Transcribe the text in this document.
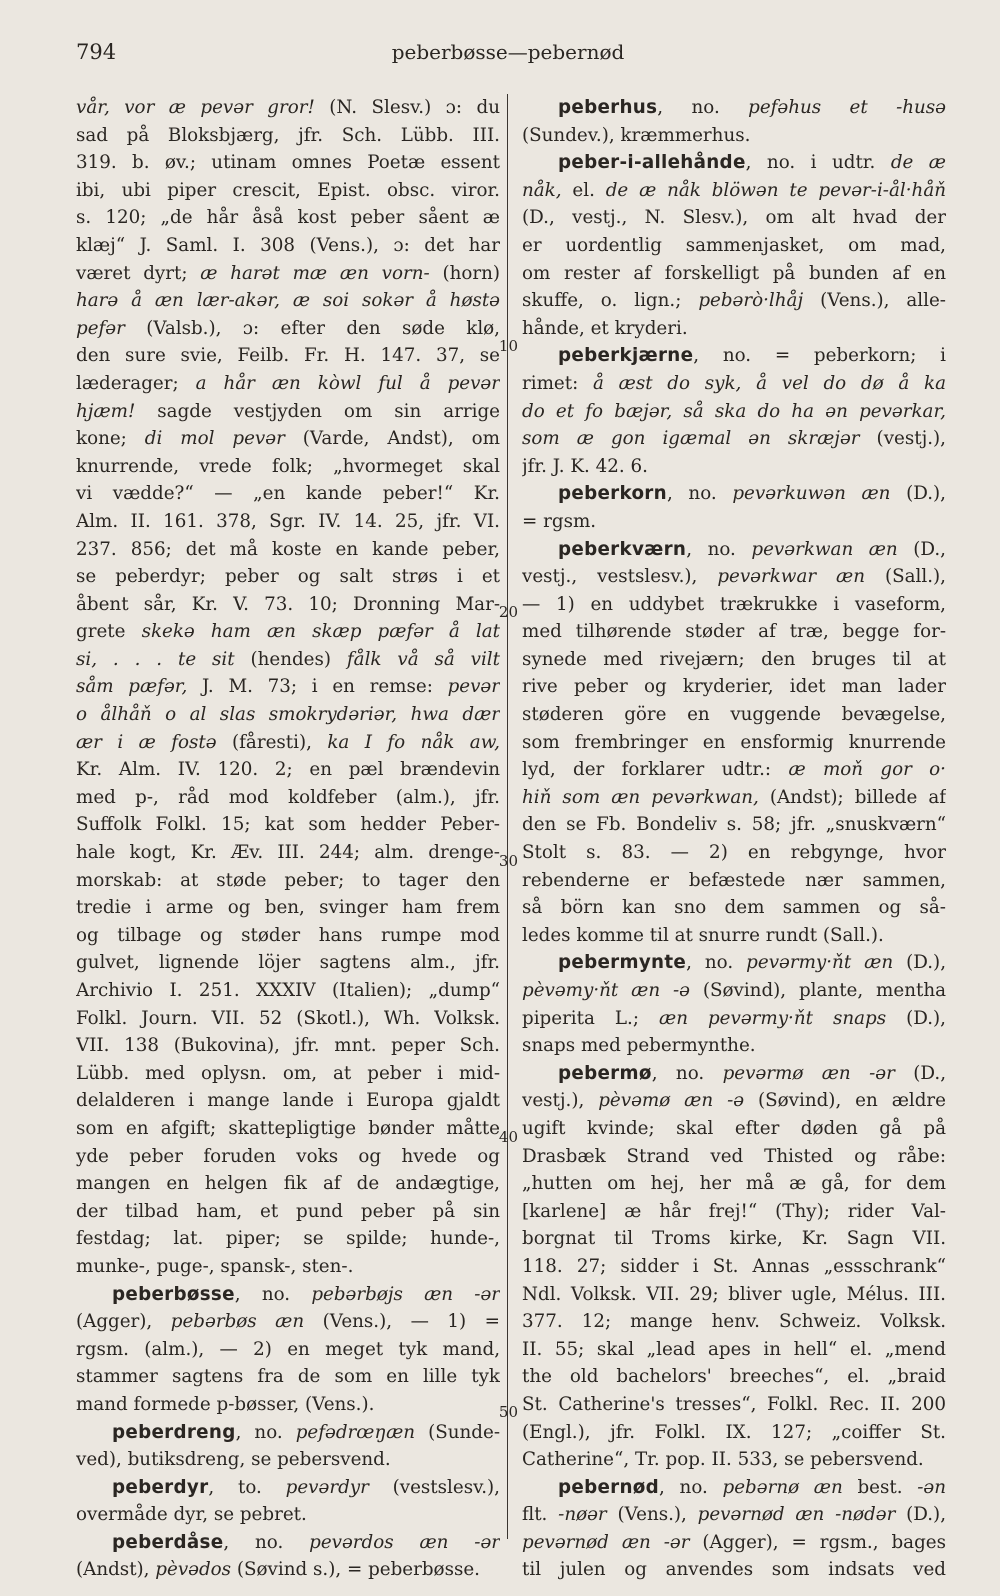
794	peberbøsse—pebernød
vår, vor æ pevər gror! (N. Slesv.) ɔ: du
sad på Bloksbjærg, jfr. Sch. Lübb. III.
319. b. øv.; utinam omnes Poetæ essent
ibi, ubi piper crescit, Epist. obsc. viror.
s. 120; „de hår åså kost peber såent æ
klæj“ J. Saml. I. 308 (Vens.), ɔ: det har
været dyrt; æ harət mæ æn vorn- (horn)
harə å æn lær-akər, æ soi sokər å høstə
pefər (Valsb.), ɔ: efter den søde klø,
den sure svie, Feilb. Fr. H. 147. 37, se
læderager; a hår æn kòwl ful å pevər
hjæm! sagde vestjyden om sin arrige
kone; di mol pevər (Varde, Andst), om
knurrende, vrede folk; „hvormeget skal
vi vædde?“ — „en kande peber!“ Kr.
Alm. II. 161. 378, Sgr. IV. 14. 25, jfr. VI.
237. 856; det må koste en kande peber,
se peberdyr; peber og salt strøs i et
åbent sår, Kr. V. 73. 10; Dronning Mar-
grete skekə ham æn skæp pæfər å lat
si, . . . te sit (hendes) fålk vå så vilt
såm pæfər, J. M. 73; i en remse: pevər
o ålhåň o al slas smokrydəriər, hwa dær
ær i æ fostə (fåresti), ka I fo nåk aw,
Kr. Alm. IV. 120. 2; en pæl brændevin
med p-, råd mod koldfeber (alm.), jfr.
Suffolk Folkl. 15; kat som hedder Peber-
hale kogt, Kr. Æv. III. 244; alm. drenge-
morskab: at støde peber; to tager den
tredie i arme og ben, svinger ham frem
og tilbage og støder hans rumpe mod
gulvet, lignende löjer sagtens alm., jfr.
Archivio I. 251. XXXIV (Italien); „dump“
Folkl. Journ. VII. 52 (Skotl.), Wh. Volksk.
VII. 138 (Bukovina), jfr. mnt. peper Sch.
Lübb. med oplysn. om, at peber i mid-
delalderen i mange lande i Europa gjaldt
som en afgift; skattepligtige bønder måtte
yde peber foruden voks og hvede og
mangen en helgen fik af de andægtige,
der tilbad ham, et pund peber på sin
festdag; lat. piper; se spilde; hunde-,
munke-, puge-, spansk-, sten-.
peberbøsse, no. pebərbøjs æn -ər
(Agger), pebərbøs æn (Vens.), — 1) =
rgsm. (alm.), — 2) en meget tyk mand,
stammer sagtens fra de som en lille tyk
mand formede p-bøsser, (Vens.).
peberdreng, no. pefədrœŋæn (Sunde-
ved), butiksdreng, se pebersvend.
peberdyr, to. pevərdyr (vestslesv.),
overmåde dyr, se pebret.
peberdåse, no. pevərdos æn -ər
(Andst), pèvədos (Søvind s.), = peberbøsse.
10
20
30
40
50
peberhus, no. pefəhus et -husə
(Sundev.), kræmmerhus.
peber-i-allehånde, no. i udtr. de æ
nåk, el. de æ nåk blöwən te pevər-i-ål·håň
(D., vestj., N. Slesv.), om alt hvad der
er uordentlig sammenjasket, om mad,
om rester af forskelligt på bunden af en
skuffe, o. lign.; pebərò·lhåj (Vens.), alle-
hånde, et kryderi.
peberkjærne, no. = peberkorn; i
rimet: å æst do syk, å vel do dø å ka
do et fo bæjər, så ska do ha ən pevərkar,
som æ gon igæmal ən skræjər (vestj.),
jfr. J. K. 42. 6.
peberkorn, no. pevərkuwən æn (D.),
= rgsm.
peberkværn, no. pevərkwan æn (D.,
vestj., vestslesv.), pevərkwar æn (Sall.),
— 1) en uddybet trækrukke i vaseform,
med tilhørende støder af træ, begge for-
synede med rivejærn; den bruges til at
rive peber og kryderier, idet man lader
støderen göre en vuggende bevægelse,
som frembringer en ensformig knurrende
lyd, der forklarer udtr.: æ moň gor o·
hiň som æn pevərkwan, (Andst); billede af
den se Fb. Bondeliv s. 58; jfr. „snuskværn“
Stolt s. 83. — 2) en rebgynge, hvor
rebenderne er befæstede nær sammen,
så börn kan sno dem sammen og så-
ledes komme til at snurre rundt (Sall.).
pebermynte, no. pevərmy·ňt æn (D.),
pèvəmy·ňt æn -ə (Søvind), plante, mentha
piperita L.; æn pevərmy·ňt snaps (D.),
snaps med pebermynthe.
pebermø, no. pevərmø æn -ər (D.,
vestj.), pèvəmø æn -ə (Søvind), en ældre
ugift kvinde; skal efter døden gå på
Drasbæk Strand ved Thisted og råbe:
„hutten om hej, her må æ gå, for dem
[karlene] æ hår frej!“ (Thy); rider Val-
borgnat til Troms kirke, Kr. Sagn VII.
118. 27; sidder i St. Annas „essschrank“
Ndl. Volksk. VII. 29; bliver ugle, Mélus. III.
377. 12; mange henv. Schweiz. Volksk.
II. 55; skal „lead apes in hell“ el. „mend
the old bachelors' breeches“, el. „braid
St. Catherine's tresses“, Folkl. Rec. II. 200
(Engl.), jfr. Folkl. IX. 127; „coiffer St.
Catherine“, Tr. pop. II. 533, se pebersvend.
pebernød, no. pebərnø æn best. -ən
flt. -nøər (Vens.), pevərnød æn -nødər (D.),
pevərnød æn -ər (Agger), = rgsm., bages
til julen og anvendes som indsats ved
